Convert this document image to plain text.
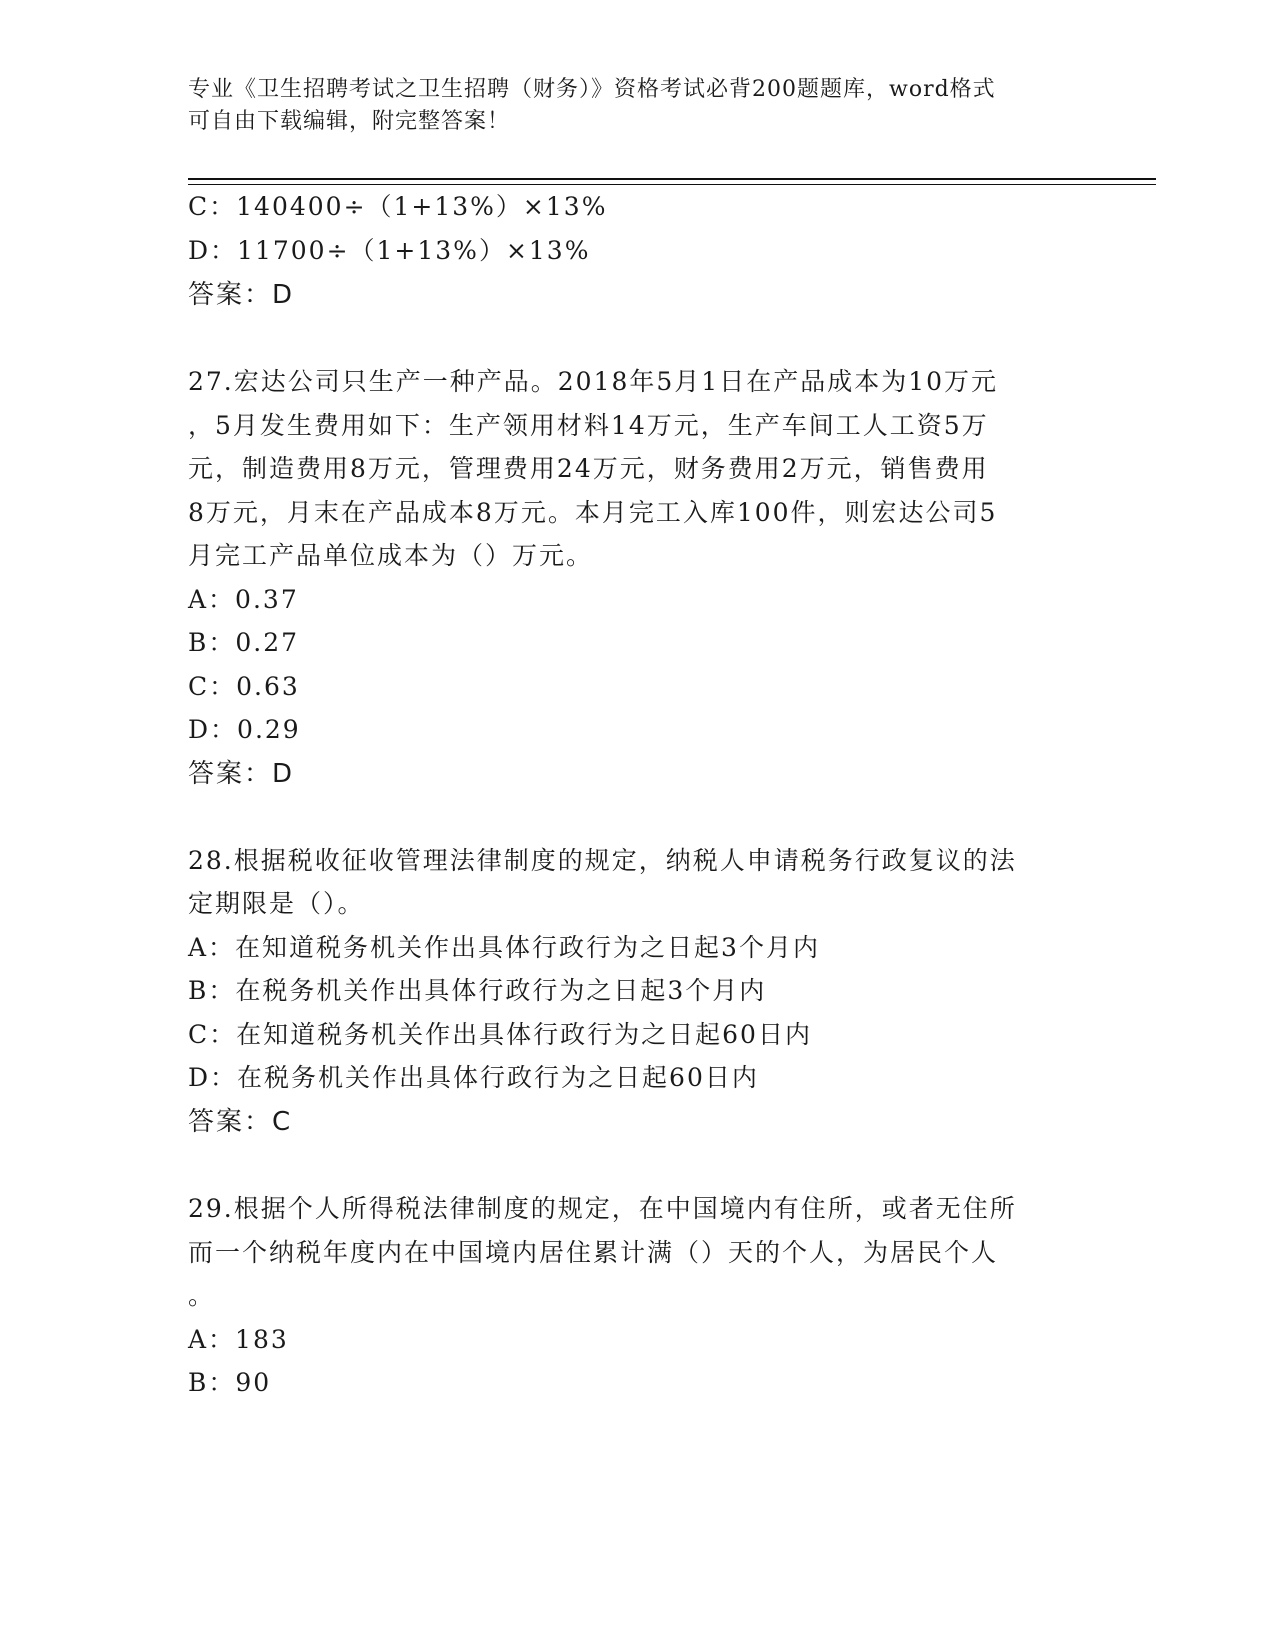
专业《卫生招聘考试之卫生招聘（财务）》资格考试必背200题题库，word格式
可自由下载编辑，附完整答案！
C：140400÷（1+13%）×13%
D：11700÷（1+13%）×13%
答案：D
27.宏达公司只生产一种产品。2018年5月1日在产品成本为10万元
，5月发生费用如下：生产领用材料14万元，生产车间工人工资5万
元，制造费用8万元，管理费用24万元，财务费用2万元，销售费用
8万元，月末在产品成本8万元。本月完工入库100件，则宏达公司5
月完工产品单位成本为（）万元。
A：0.37
B：0.27
C：0.63
D：0.29
答案：D
28.根据税收征收管理法律制度的规定，纳税人申请税务行政复议的法
定期限是（）。
A：在知道税务机关作出具体行政行为之日起3个月内
B：在税务机关作出具体行政行为之日起3个月内
C：在知道税务机关作出具体行政行为之日起60日内
D：在税务机关作出具体行政行为之日起60日内
答案：C
29.根据个人所得税法律制度的规定，在中国境内有住所，或者无住所
而一个纳税年度内在中国境内居住累计满（）天的个人，为居民个人
。
A：183
B：90
